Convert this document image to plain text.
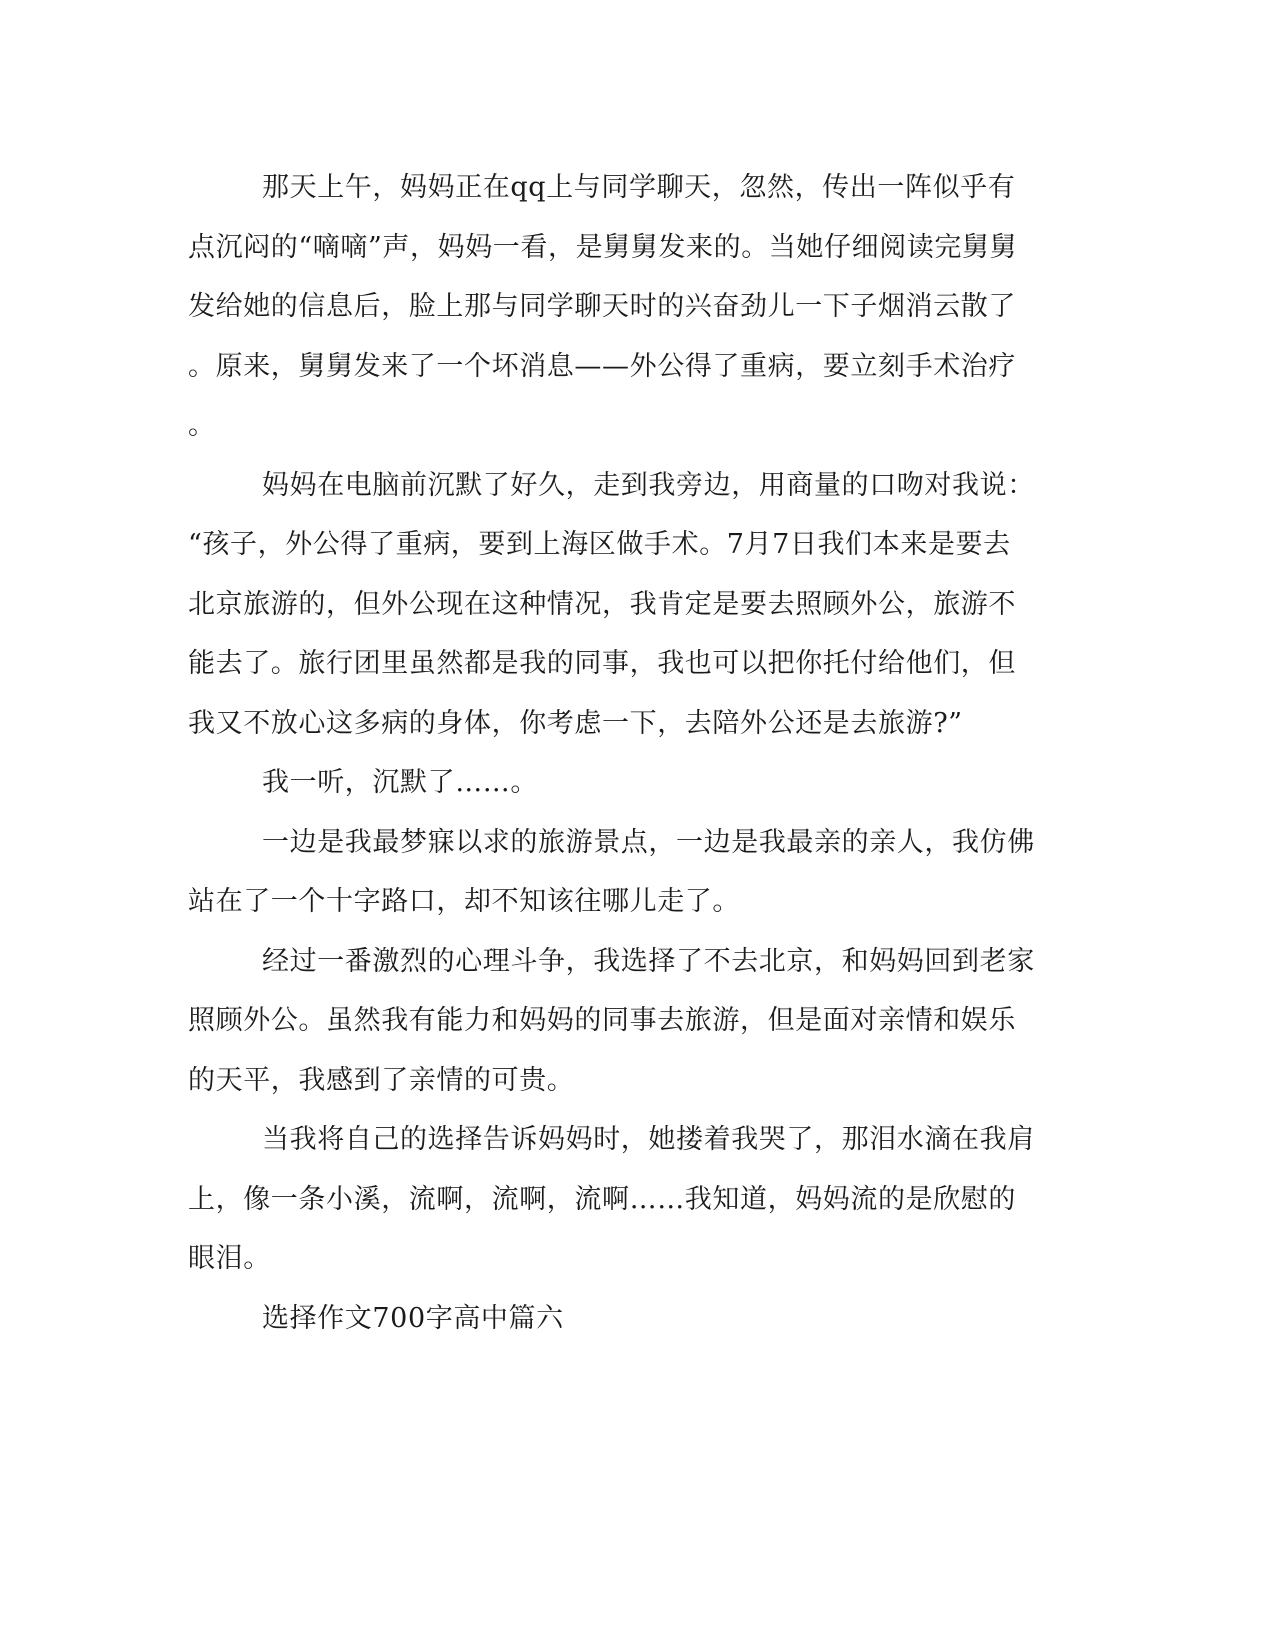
那天上午，妈妈正在qq上与同学聊天，忽然，传出一阵似乎有
点沉闷的“嘀嘀”声，妈妈一看，是舅舅发来的。当她仔细阅读完舅舅
发给她的信息后，脸上那与同学聊天时的兴奋劲儿一下子烟消云散了
。原来，舅舅发来了一个坏消息——外公得了重病，要立刻手术治疗
。

妈妈在电脑前沉默了好久，走到我旁边，用商量的口吻对我说：
“孩子，外公得了重病，要到上海区做手术。7月7日我们本来是要去
北京旅游的，但外公现在这种情况，我肯定是要去照顾外公，旅游不
能去了。旅行团里虽然都是我的同事，我也可以把你托付给他们，但
我又不放心这多病的身体，你考虑一下，去陪外公还是去旅游?”

我一听，沉默了……。

一边是我最梦寐以求的旅游景点，一边是我最亲的亲人，我仿佛
站在了一个十字路口，却不知该往哪儿走了。

经过一番激烈的心理斗争，我选择了不去北京，和妈妈回到老家
照顾外公。虽然我有能力和妈妈的同事去旅游，但是面对亲情和娱乐
的天平，我感到了亲情的可贵。

当我将自己的选择告诉妈妈时，她搂着我哭了，那泪水滴在我肩
上，像一条小溪，流啊，流啊，流啊……我知道，妈妈流的是欣慰的
眼泪。

选择作文700字高中篇六
